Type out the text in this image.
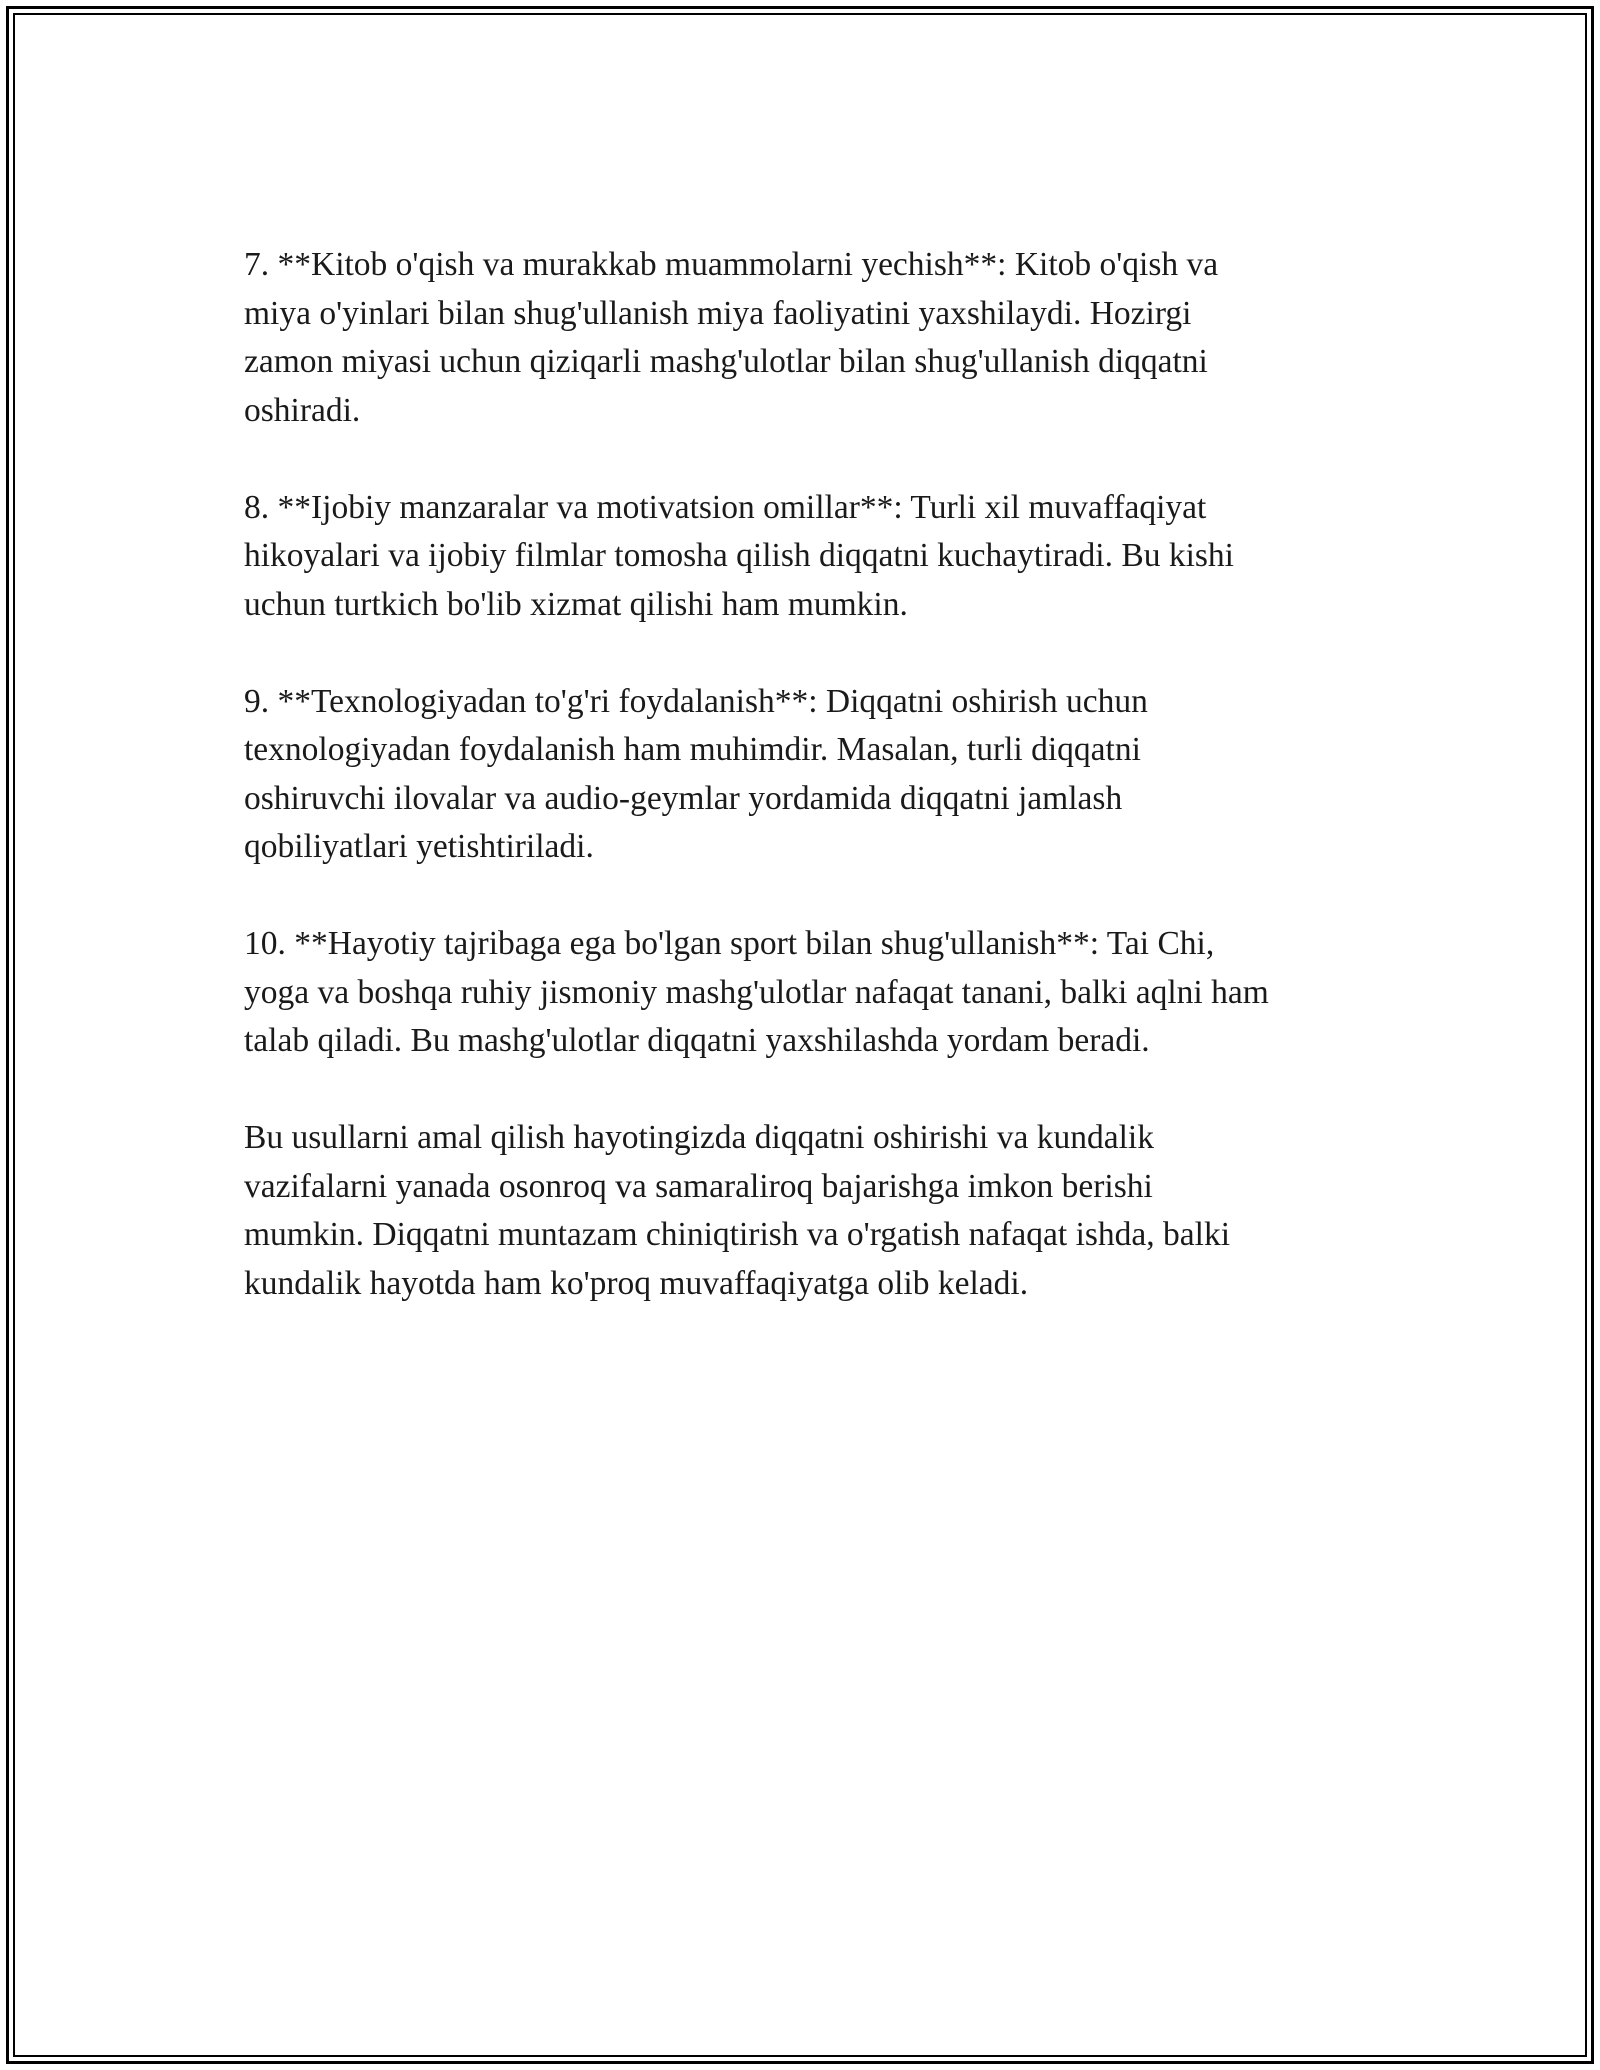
7. **Kitob o'qish va murakkab muammolarni yechish**: Kitob o'qish va
miya o'yinlari bilan shug'ullanish miya faoliyatini yaxshilaydi. Hozirgi
zamon miyasi uchun qiziqarli mashg'ulotlar bilan shug'ullanish diqqatni
oshiradi.

8. **Ijobiy manzaralar va motivatsion omillar**: Turli xil muvaffaqiyat
hikoyalari va ijobiy filmlar tomosha qilish diqqatni kuchaytiradi. Bu kishi
uchun turtkich bo'lib xizmat qilishi ham mumkin.

9. **Texnologiyadan to'g'ri foydalanish**: Diqqatni oshirish uchun
texnologiyadan foydalanish ham muhimdir. Masalan, turli diqqatni
oshiruvchi ilovalar va audio-geymlar yordamida diqqatni jamlash
qobiliyatlari yetishtiriladi.

10. **Hayotiy tajribaga ega bo'lgan sport bilan shug'ullanish**: Tai Chi,
yoga va boshqa ruhiy jismoniy mashg'ulotlar nafaqat tanani, balki aqlni ham
talab qiladi. Bu mashg'ulotlar diqqatni yaxshilashda yordam beradi.

Bu usullarni amal qilish hayotingizda diqqatni oshirishi va kundalik
vazifalarni yanada osonroq va samaraliroq bajarishga imkon berishi
mumkin. Diqqatni muntazam chiniqtirish va o'rgatish nafaqat ishda, balki
kundalik hayotda ham ko'proq muvaffaqiyatga olib keladi.
